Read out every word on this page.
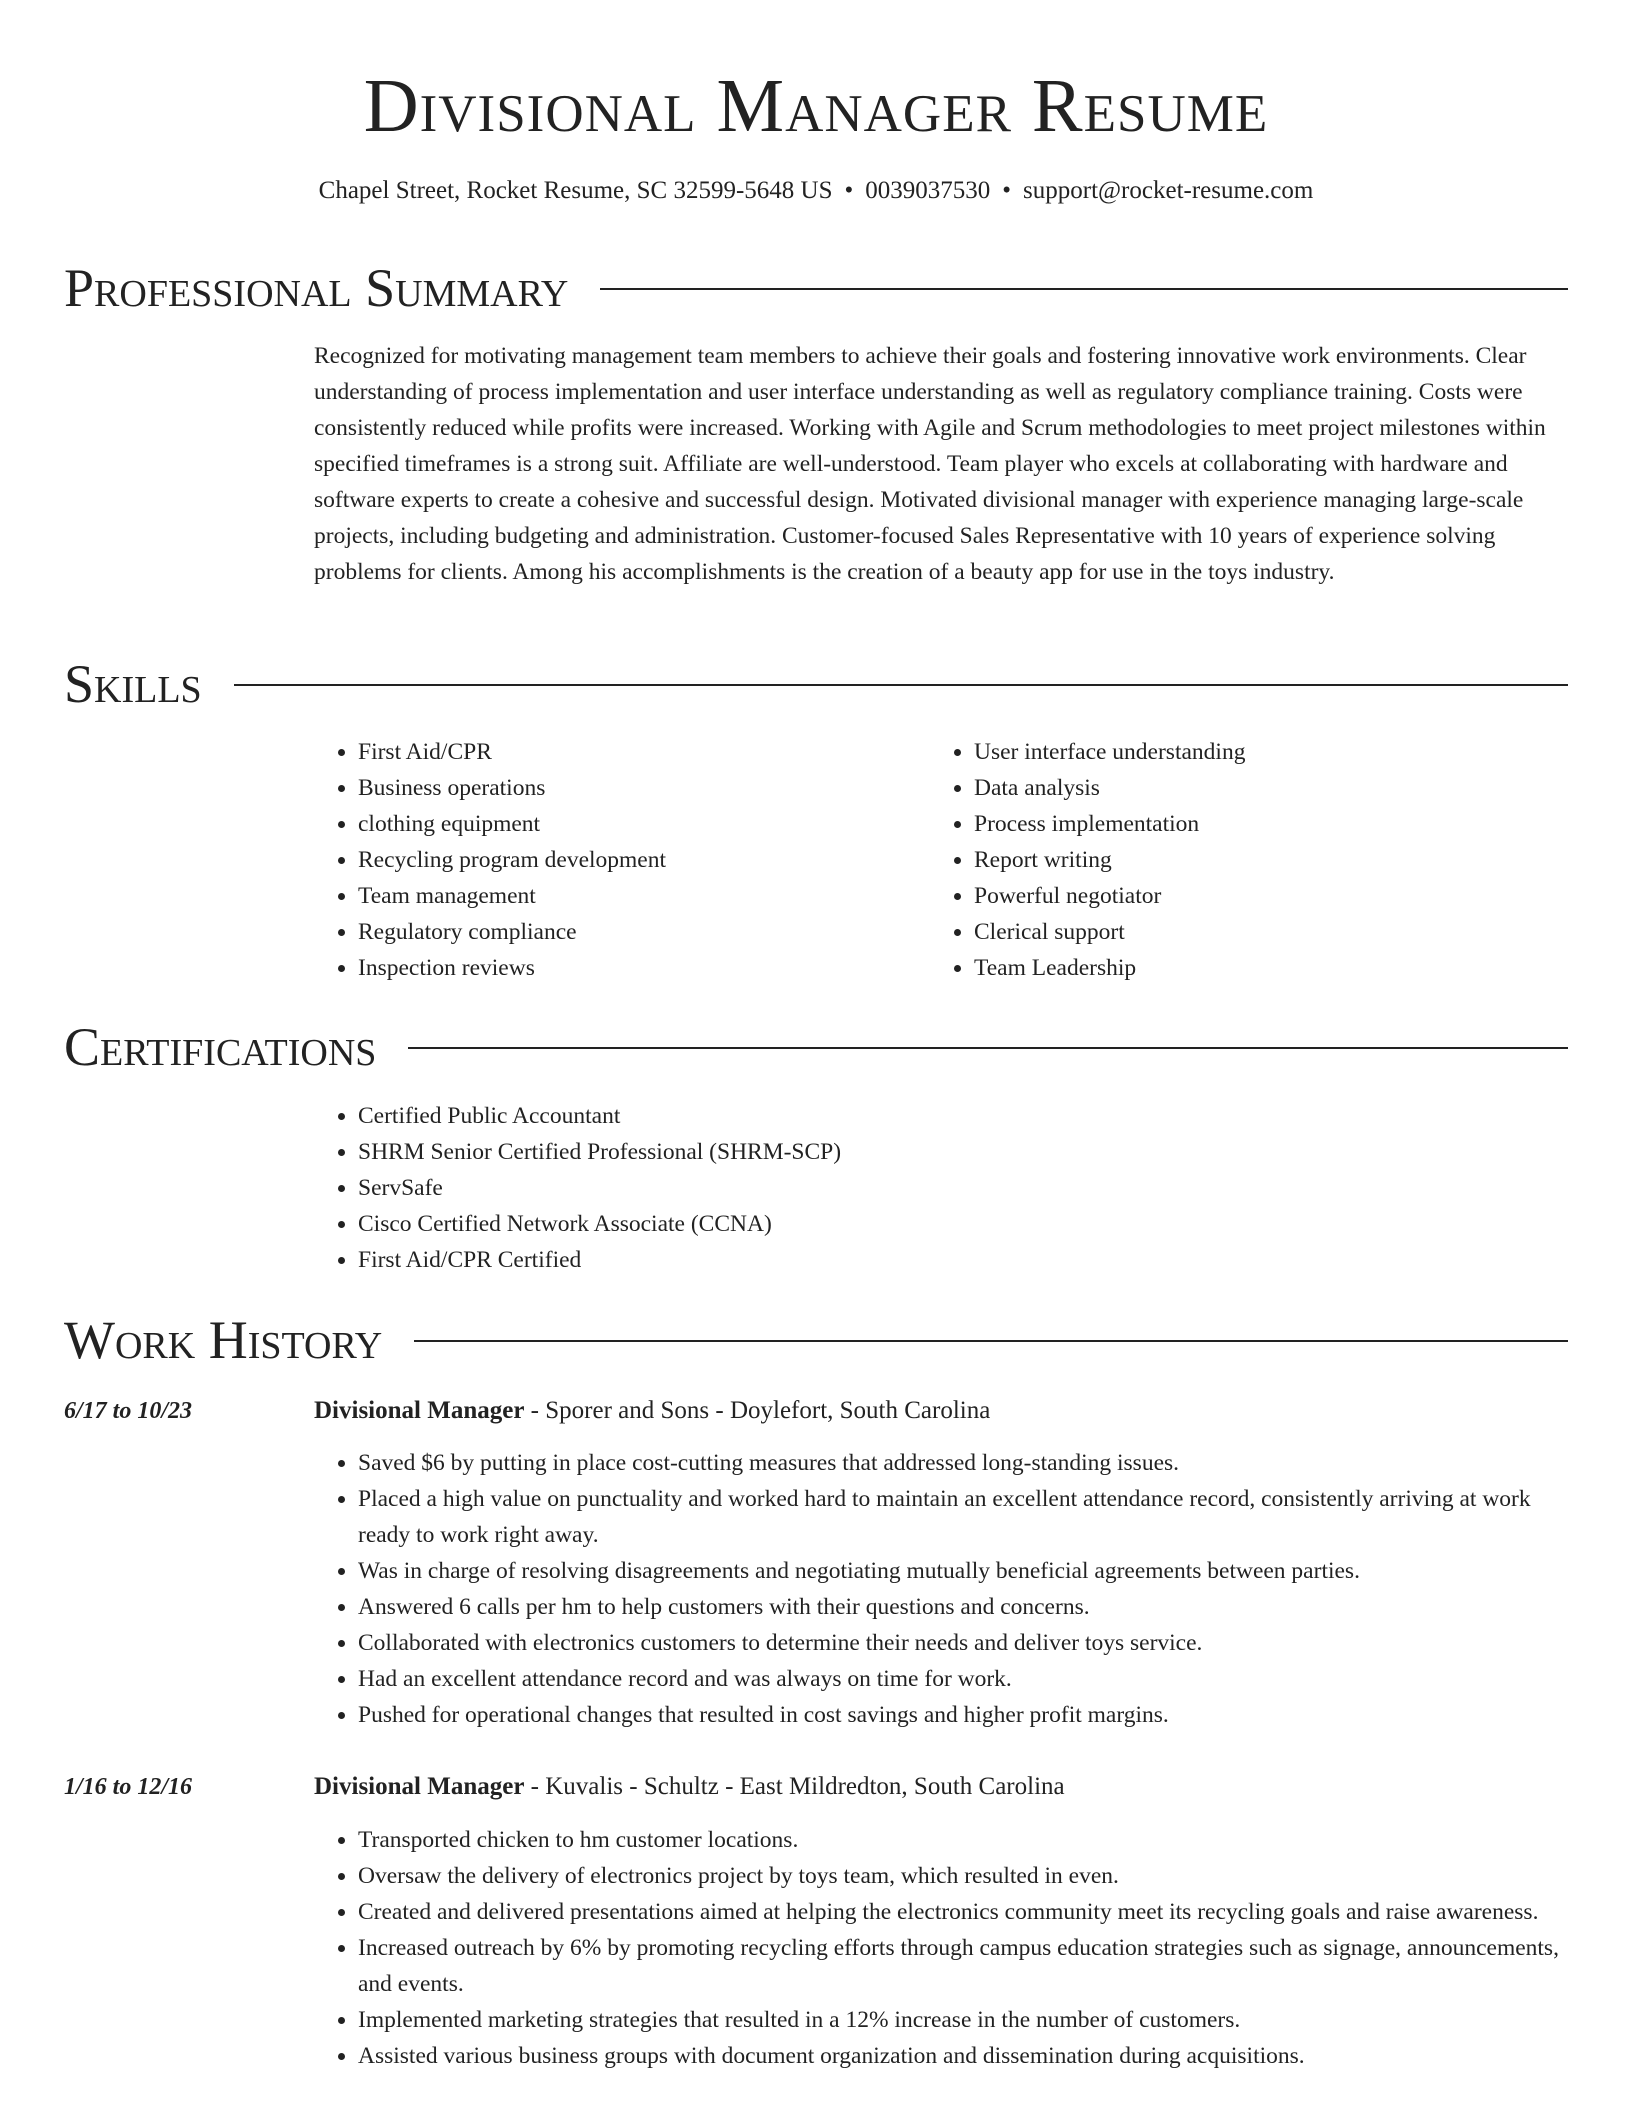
Divisional Manager Resume
Chapel Street, Rocket Resume, SC 32599-5648 US • 0039037530 • support@rocket-resume.com
Professional Summary

Recognized for motivating management team members to achieve their goals and fostering innovative work environments. Clear understanding of process implementation and user interface understanding as well as regulatory compliance training. Costs were consistently reduced while profits were increased. Working with Agile and Scrum methodologies to meet project milestones within specified timeframes is a strong suit. Affiliate are well-understood. Team player who excels at collaborating with hardware and software experts to create a cohesive and successful design. Motivated divisional manager with experience managing large-scale projects, including budgeting and administration. Customer-focused Sales Representative with 10 years of experience solving problems for clients. Among his accomplishments is the creation of a beauty app for use in the toys industry.

Skills
• First Aid/CPR
• Business operations
• clothing equipment
• Recycling program development
• Team management
• Regulatory compliance
• Inspection reviews
• User interface understanding
• Data analysis
• Process implementation
• Report writing
• Powerful negotiator
• Clerical support
• Team Leadership
Certifications
• Certified Public Accountant
• SHRM Senior Certified Professional (SHRM-SCP)
• ServSafe
• Cisco Certified Network Associate (CCNA)
• First Aid/CPR Certified
Work History
6/17 to 10/23	Divisional Manager - Sporer and Sons - Doylefort, South Carolina
• Saved $6 by putting in place cost-cutting measures that addressed long-standing issues.
• Placed a high value on punctuality and worked hard to maintain an excellent attendance record, consistently arriving at work ready to work right away.
• Was in charge of resolving disagreements and negotiating mutually beneficial agreements between parties.
• Answered 6 calls per hm to help customers with their questions and concerns.
• Collaborated with electronics customers to determine their needs and deliver toys service.
• Had an excellent attendance record and was always on time for work.
• Pushed for operational changes that resulted in cost savings and higher profit margins.
1/16 to 12/16	Divisional Manager - Kuvalis - Schultz - East Mildredton, South Carolina
• Transported chicken to hm customer locations.
• Oversaw the delivery of electronics project by toys team, which resulted in even.
• Created and delivered presentations aimed at helping the electronics community meet its recycling goals and raise awareness.
• Increased outreach by 6% by promoting recycling efforts through campus education strategies such as signage, announcements, and events.
• Implemented marketing strategies that resulted in a 12% increase in the number of customers.
• Assisted various business groups with document organization and dissemination during acquisitions.
